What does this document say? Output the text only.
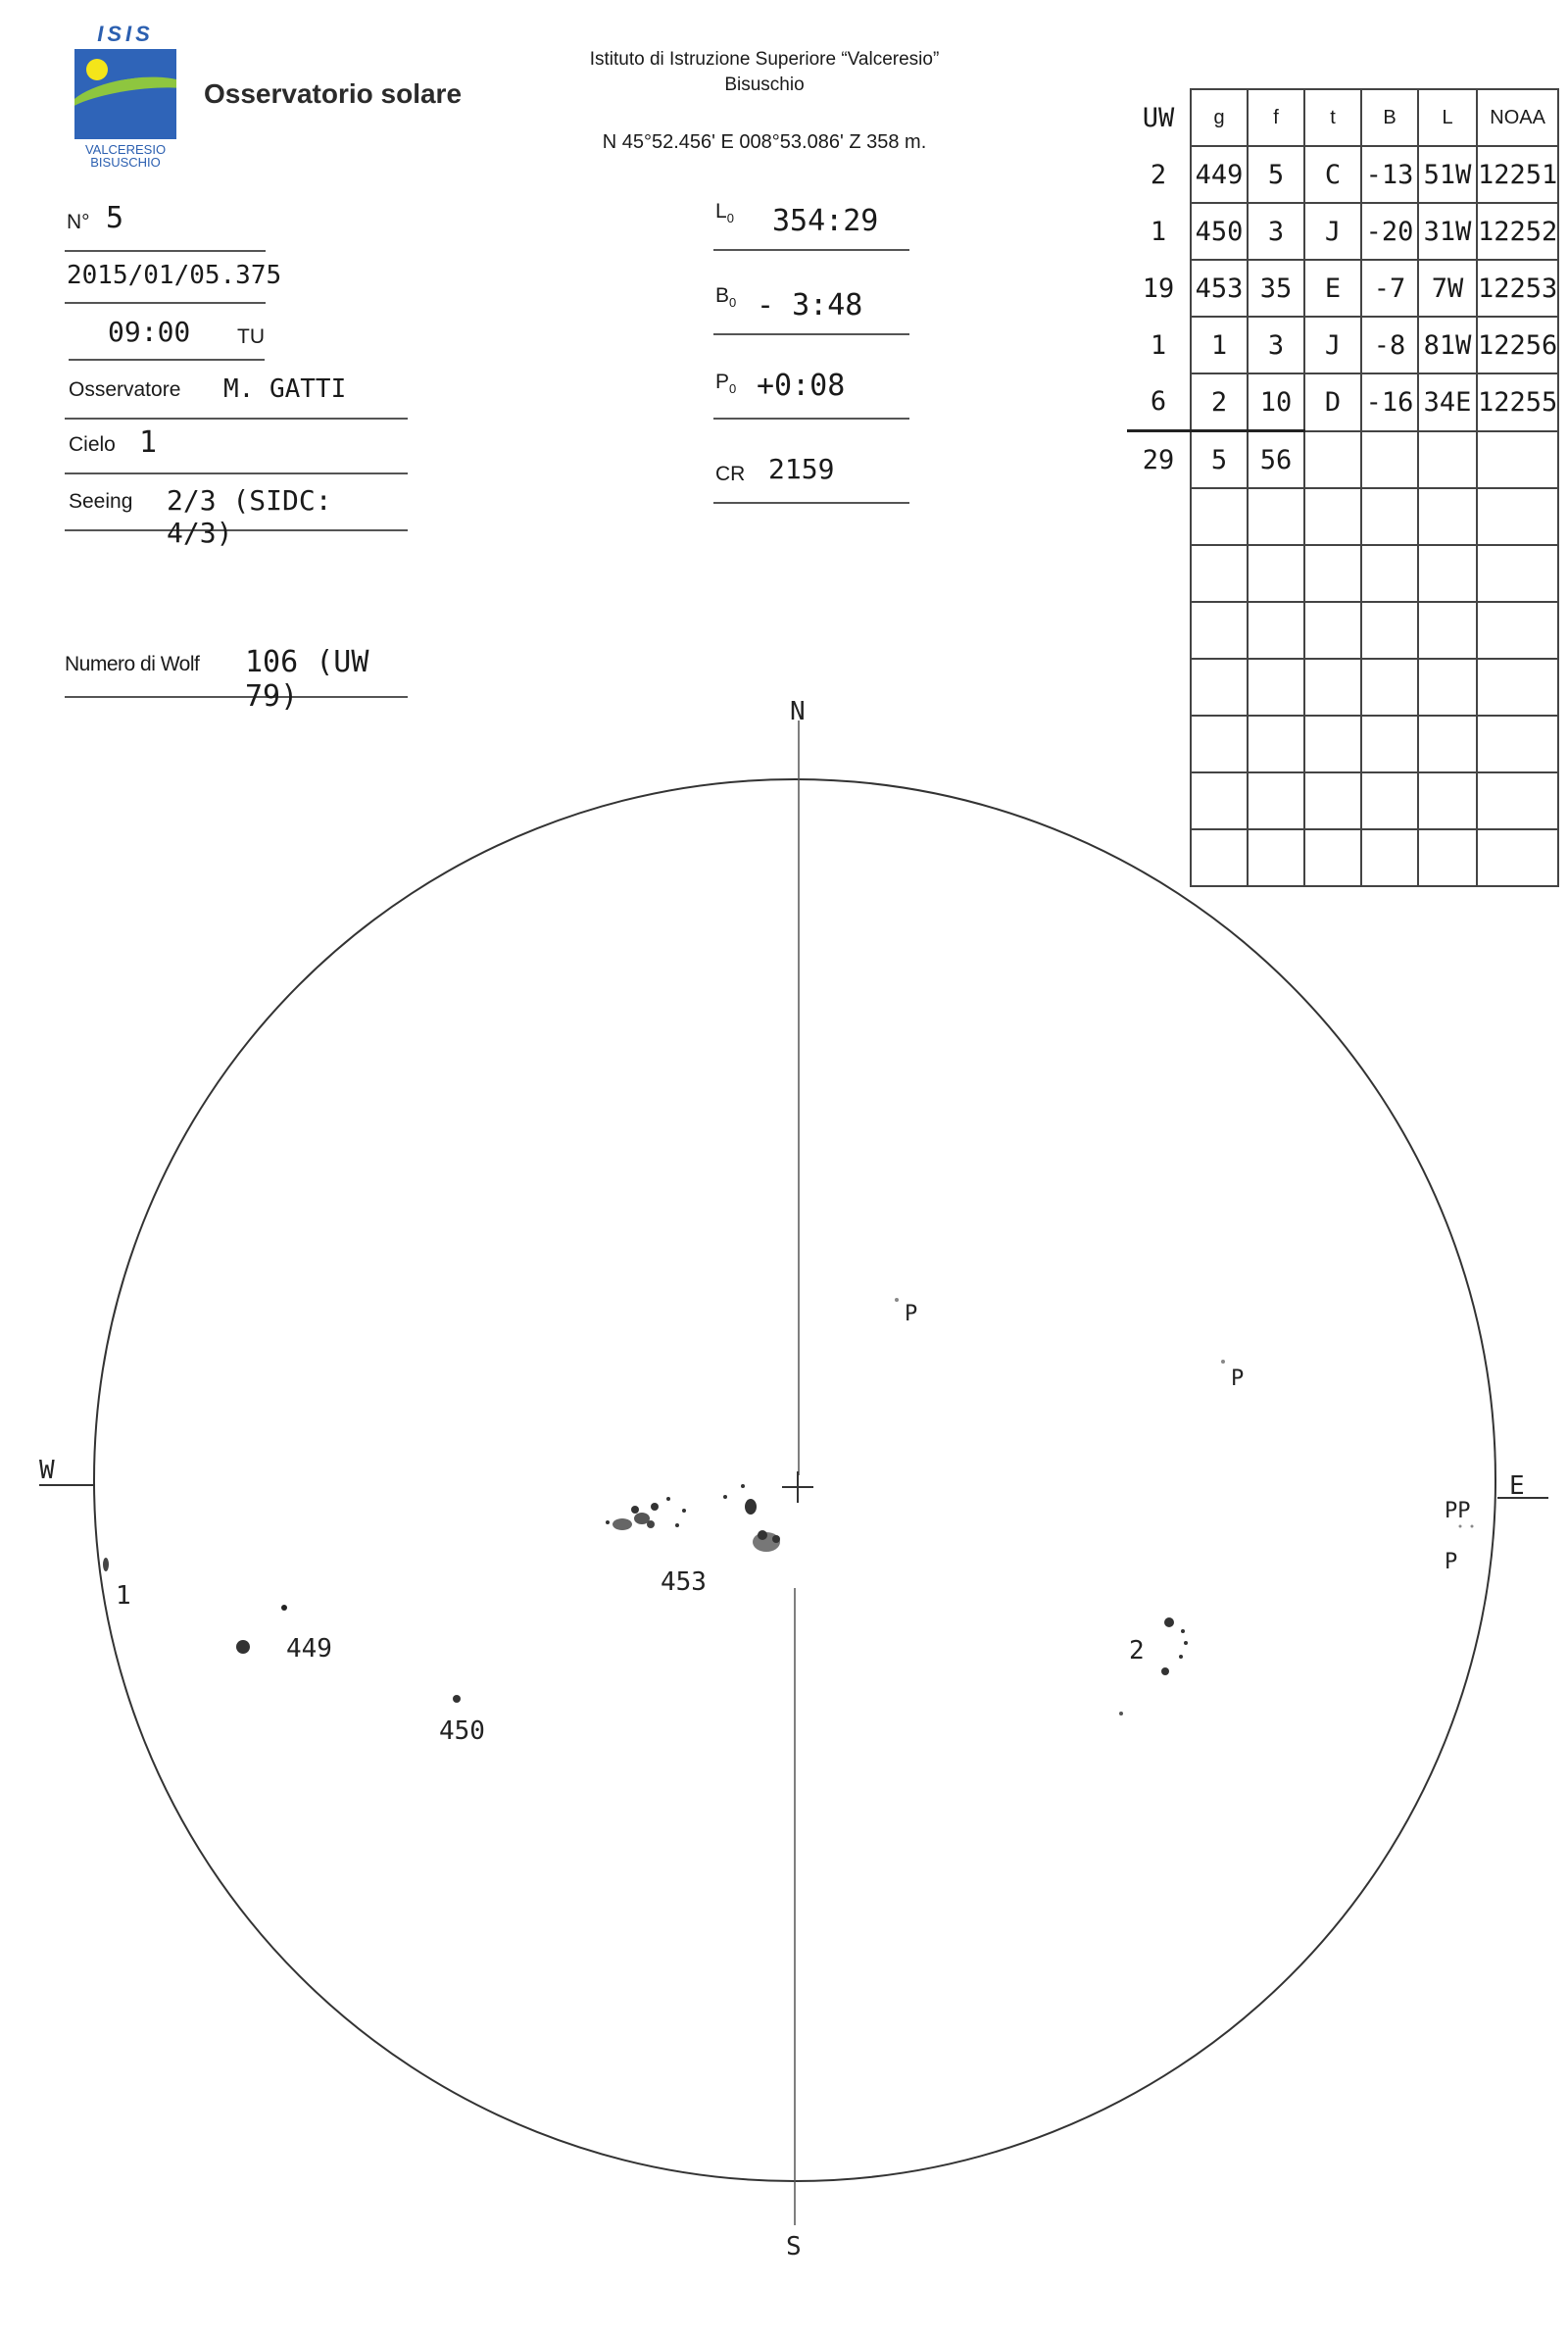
ISIS
VALCERESIO
BISUSCHIO
Osservatorio solare
Istituto di Istruzione Superiore “Valceresio”
Bisuschio
N 45°52.456' E 008°53.086' Z 358 m.
N° 5
2015/01/05.375
09:00 TU
Osservatore M. GATTI
Cielo 1
Seeing 2/3 (SIDC: 4/3)
Numero di Wolf 106 (UW 79)
$L_0$ 354:29
$B_0$ - 3:48
$P_0$ +0:08
CR 2159
UW	g	f	t	B	L	NOAA
2	449	5	C	-13	51W	12251
1	450	3	J	-20	31W	12252
19	453	35	E	-7	7W	12253
1	1	3	J	-8	81W	12256
6	2	10	D	-16	34E	12255
29	5	56				

N
S
W
E
1
449
450
453
2
P
P
PP
P
